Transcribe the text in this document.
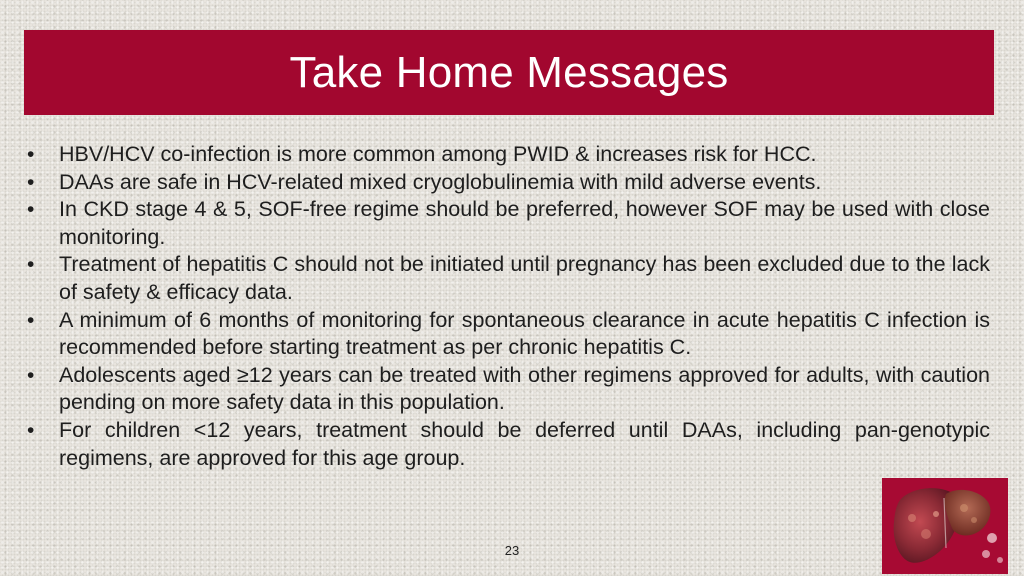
Take Home Messages
• HBV/HCV co-infection is more common among PWID & increases risk for HCC.
• DAAs are safe in HCV-related mixed cryoglobulinemia with mild adverse events.
• In CKD stage 4 & 5, SOF-free regime should be preferred, however SOF may be used with close monitoring.
• Treatment of hepatitis C should not be initiated until pregnancy has been excluded due to the lack of safety & efficacy data.
• A minimum of 6 months of monitoring for spontaneous clearance in acute hepatitis C infection is recommended before starting treatment as per chronic hepatitis C.
• Adolescents aged ≥12 years can be treated with other regimens approved for adults, with caution pending on more safety data in this population.
• For children <12 years, treatment should be deferred until DAAs, including pan-genotypic regimens, are approved for this age group.
23
